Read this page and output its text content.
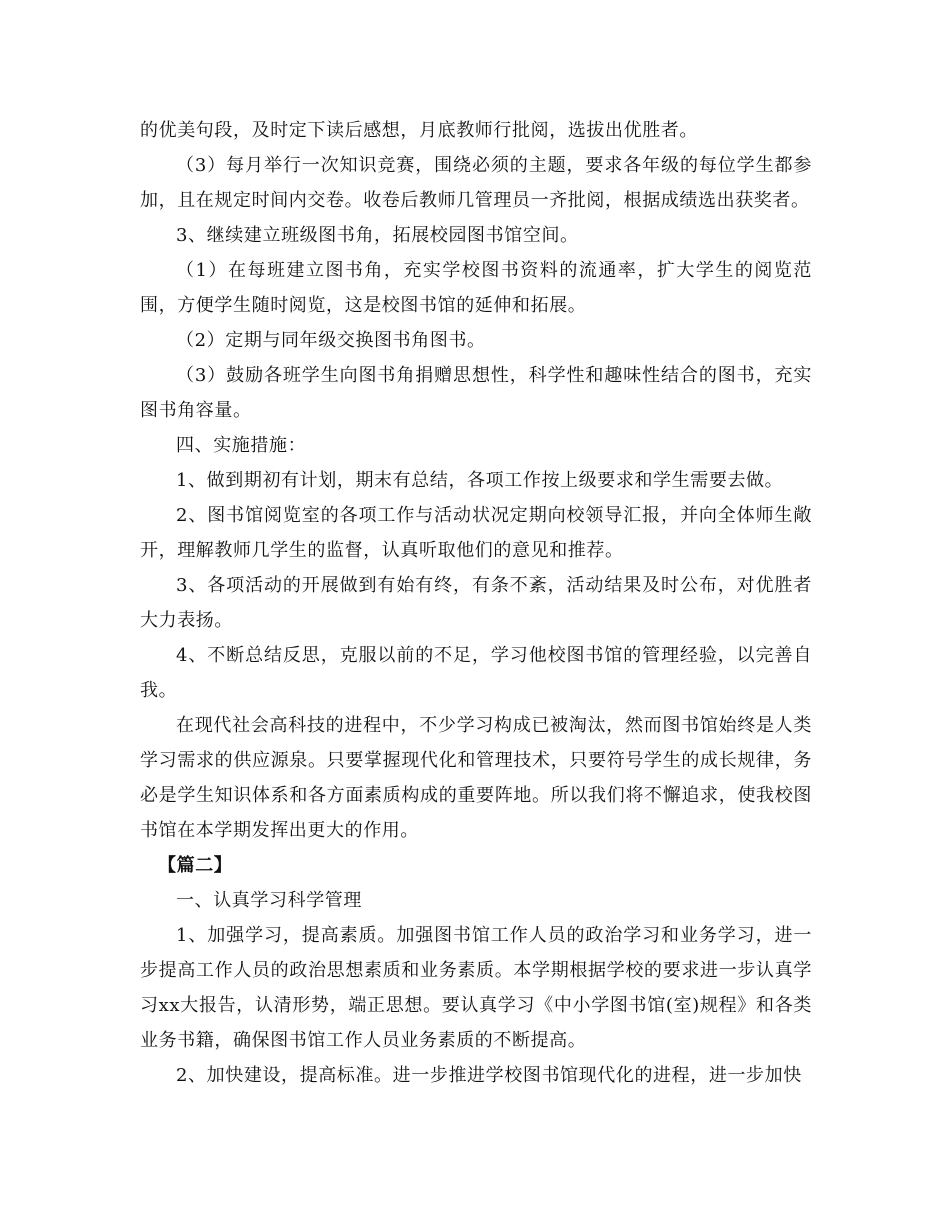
的优美句段，及时定下读后感想，月底教师行批阅，选拔出优胜者。

（3）每月举行一次知识竞赛，围绕必须的主题，要求各年级的每位学生都参加，且在规定时间内交卷。收卷后教师几管理员一齐批阅，根据成绩选出获奖者。

3、继续建立班级图书角，拓展校园图书馆空间。

（1）在每班建立图书角，充实学校图书资料的流通率，扩大学生的阅览范围，方便学生随时阅览，这是校图书馆的延伸和拓展。

（2）定期与同年级交换图书角图书。

（3）鼓励各班学生向图书角捐赠思想性，科学性和趣味性结合的图书，充实图书角容量。

四、实施措施：

1、做到期初有计划，期末有总结，各项工作按上级要求和学生需要去做。

2、图书馆阅览室的各项工作与活动状况定期向校领导汇报，并向全体师生敞开，理解教师几学生的监督，认真听取他们的意见和推荐。

3、各项活动的开展做到有始有终，有条不紊，活动结果及时公布，对优胜者大力表扬。

4、不断总结反思，克服以前的不足，学习他校图书馆的管理经验，以完善自我。

在现代社会高科技的进程中，不少学习构成已被淘汰，然而图书馆始终是人类学习需求的供应源泉。只要掌握现代化和管理技术，只要符号学生的成长规律，务必是学生知识体系和各方面素质构成的重要阵地。所以我们将不懈追求，使我校图书馆在本学期发挥出更大的作用。

【篇二】

一、认真学习科学管理

1、加强学习，提高素质。加强图书馆工作人员的政治学习和业务学习，进一步提高工作人员的政治思想素质和业务素质。本学期根据学校的要求进一步认真学习xx大报告，认清形势，端正思想。要认真学习《中小学图书馆(室)规程》和各类业务书籍，确保图书馆工作人员业务素质的不断提高。

2、加快建设，提高标准。进一步推进学校图书馆现代化的进程，进一步加快
